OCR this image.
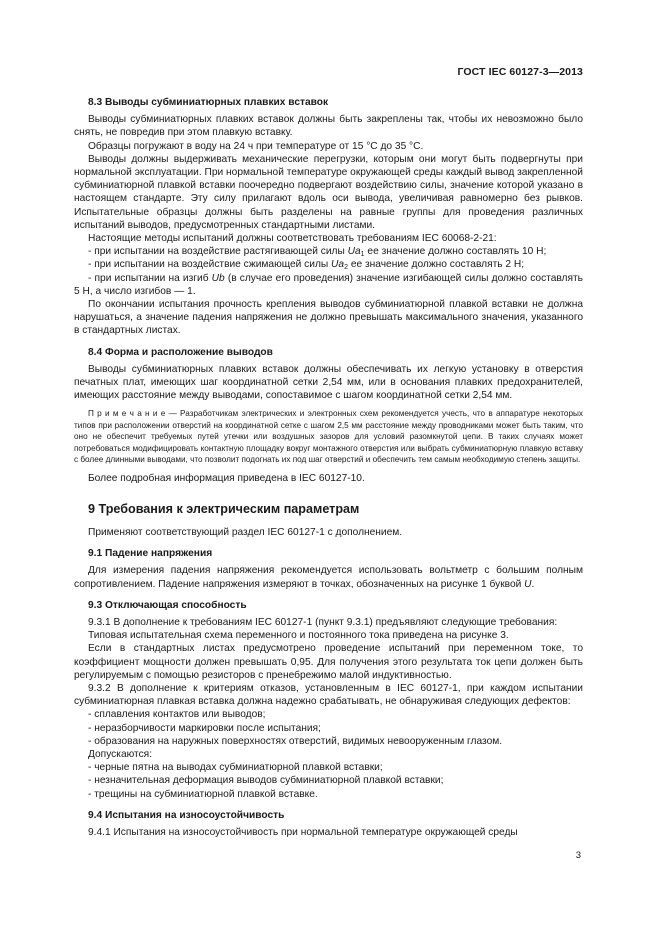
ГОСТ IEC 60127-3—2013

8.3 Выводы субминиатюрных плавких вставок

Выводы субминиатюрных плавких вставок должны быть закреплены так, чтобы их невозможно было снять, не повредив при этом плавкую вставку.

Образцы погружают в воду на 24 ч при температуре от 15 °С до 35 °С.

Выводы должны выдерживать механические перегрузки, которым они могут быть подвергнуты при нормальной эксплуатации. При нормальной температуре окружающей среды каждый вывод закрепленной субминиатюрной плавкой вставки поочередно подвергают воздействию силы, значение которой указано в настоящем стандарте. Эту силу прилагают вдоль оси вывода, увеличивая равномерно без рывков. Испытательные образцы должны быть разделены на равные группы для проведения различных испытаний выводов, предусмотренных стандартными листами.

Настоящие методы испытаний должны соответствовать требованиям IEC 60068-2-21:

- при испытании на воздействие растягивающей силы $Ua_1$ ее значение должно составлять 10 Н;

- при испытании на воздействие сжимающей силы $Ua_2$ ее значение должно составлять 2 Н;

- при испытании на изгиб Ub (в случае его проведения) значение изгибающей силы должно составлять 5 Н, а число изгибов — 1.

По окончании испытания прочность крепления выводов субминиатюрной плавкой вставки не должна нарушаться, а значение падения напряжения не должно превышать максимального значения, указанного в стандартных листах.

8.4 Форма и расположение выводов

Выводы субминиатюрных плавких вставок должны обеспечивать их легкую установку в отверстия печатных плат, имеющих шаг координатной сетки 2,54 мм, или в основания плавких предохранителей, имеющих расстояние между выводами, сопоставимое с шагом координатной сетки 2,54 мм.

П р и м е ч а н и е — Разработчикам электрических и электронных схем рекомендуется учесть, что в аппаратуре некоторых типов при расположении отверстий на координатной сетке с шагом 2,5 мм расстояние между проводниками может быть таким, что оно не обеспечит требуемых путей утечки или воздушных зазоров для условий разомкнутой цепи. В таких случаях может потребоваться модифицировать контактную площадку вокруг монтажного отверстия или выбрать субминиатюрную плавкую вставку с более длинными выводами, что позволит подогнать их под шаг отверстий и обеспечить тем самым необходимую степень защиты.

Более подробная информация приведена в IEC 60127-10.

9 Требования к электрическим параметрам

Применяют соответствующий раздел IEC 60127-1 с дополнением.

9.1 Падение напряжения

Для измерения падения напряжения рекомендуется использовать вольтметр с большим полным сопротивлением. Падение напряжения измеряют в точках, обозначенных на рисунке 1 буквой U.

9.3 Отключающая способность

9.3.1 В дополнение к требованиям IEC 60127-1 (пункт 9.3.1) предъявляют следующие требования:

Типовая испытательная схема переменного и постоянного тока приведена на рисунке 3.

Если в стандартных листах предусмотрено проведение испытаний при переменном токе, то коэффициент мощности должен превышать 0,95. Для получения этого результата ток цепи должен быть регулируемым с помощью резисторов с пренебрежимо малой индуктивностью.

9.3.2 В дополнение к критериям отказов, установленным в IEC 60127-1, при каждом испытании субминиатюрная плавкая вставка должна надежно срабатывать, не обнаруживая следующих дефектов:

- сплавления контактов или выводов;

- неразборчивости маркировки после испытания;

- образования на наружных поверхностях отверстий, видимых невооруженным глазом.

Допускаются:

- черные пятна на выводах субминиатюрной плавкой вставки;

- незначительная деформация выводов субминиатюрной плавкой вставки;

- трещины на субминиатюрной плавкой вставке.

9.4 Испытания на износоустойчивость

9.4.1 Испытания на износоустойчивость при нормальной температуре окружающей среды

3
